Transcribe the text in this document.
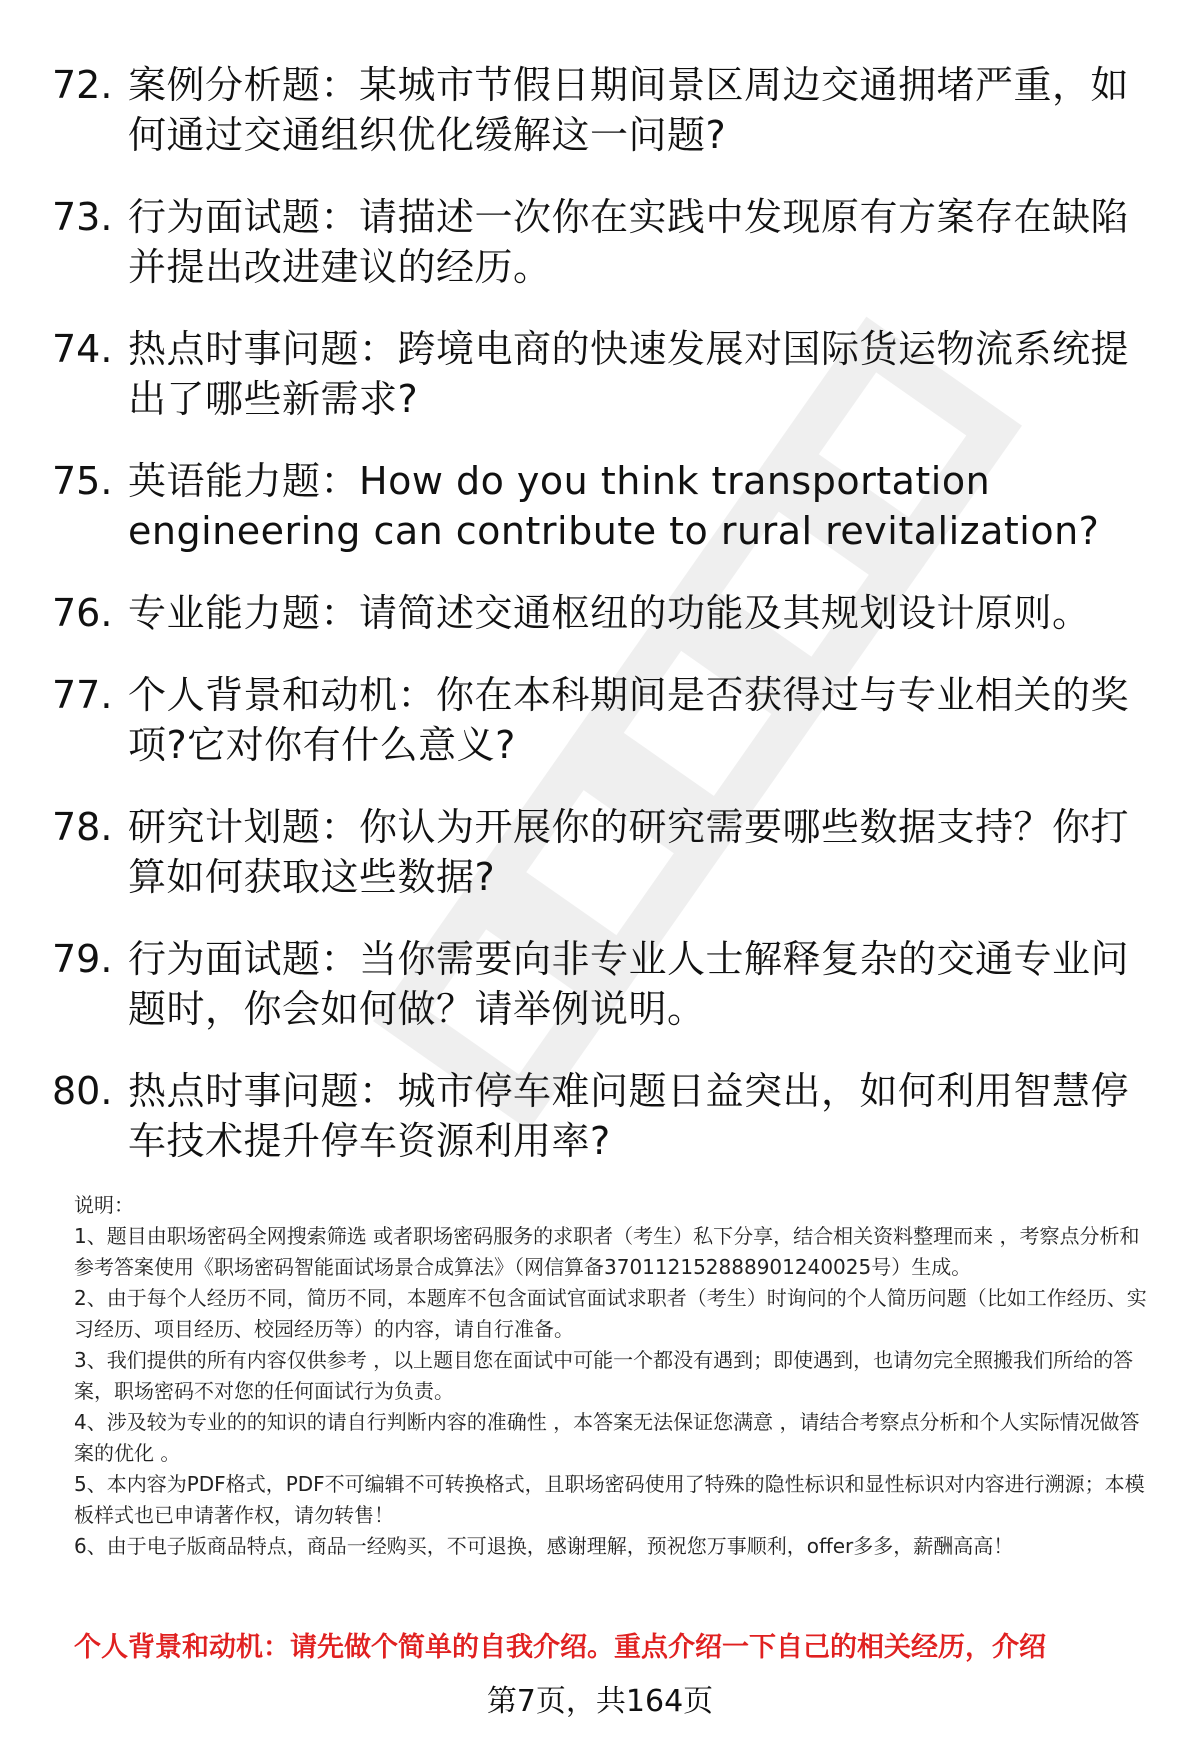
72. 案例分析题：某城市节假日期间景区周边交通拥堵严重，如何通过交通组织优化缓解这一问题?
73. 行为面试题：请描述一次你在实践中发现原有方案存在缺陷并提出改进建议的经历。
74. 热点时事问题：跨境电商的快速发展对国际货运物流系统提出了哪些新需求?
75. 英语能力题：How do you think transportation engineering can contribute to rural revitalization?
76. 专业能力题：请简述交通枢纽的功能及其规划设计原则。
77. 个人背景和动机：你在本科期间是否获得过与专业相关的奖项?它对你有什么意义?
78. 研究计划题：你认为开展你的研究需要哪些数据支持？你打算如何获取这些数据?
79. 行为面试题：当你需要向非专业人士解释复杂的交通专业问题时，你会如何做？请举例说明。
80. 热点时事问题：城市停车难问题日益突出，如何利用智慧停车技术提升停车资源利用率?

说明：

1、题目由职场密码全网搜索筛选 或者职场密码服务的求职者（考生）私下分享，结合相关资料整理而来 ，考察点分析和参考答案使用《职场密码智能面试场景合成算法》（网信算备370112152888901240025号）生成。

2、由于每个人经历不同，简历不同，本题库不包含面试官面试求职者（考生）时询问的个人简历问题（比如工作经历、实习经历、项目经历、校园经历等）的内容，请自行准备。

3、我们提供的所有内容仅供参考 ，以上题目您在面试中可能一个都没有遇到；即使遇到，也请勿完全照搬我们所给的答案，职场密码不对您的任何面试行为负责。

4、涉及较为专业的的知识的请自行判断内容的准确性 ，本答案无法保证您满意 ，请结合考察点分析和个人实际情况做答案的优化 。

5、本内容为PDF格式，PDF不可编辑不可转换格式，且职场密码使用了特殊的隐性标识和显性标识对内容进行溯源；本模板样式也已申请著作权，请勿转售！

6、由于电子版商品特点，商品一经购买，不可退换，感谢理解，预祝您万事顺利，offer多多，薪酬高高！

个人背景和动机：请先做个简单的自我介绍。重点介绍一下自己的相关经历，介绍
第7页，共164页
